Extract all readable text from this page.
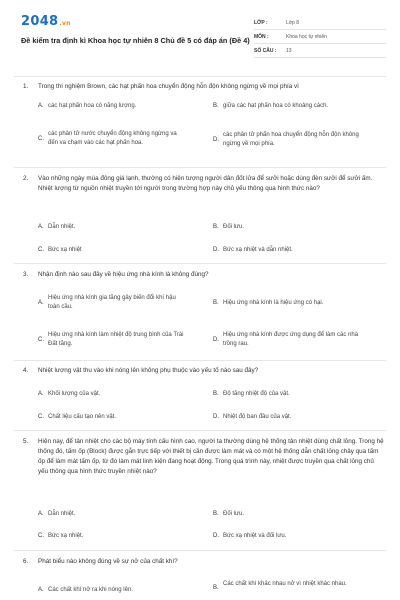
2048.vn
Đề kiểm tra định kì Khoa học tự nhiên 8 Chủ đề 5 có đáp án (Đề 4)
LỚP :	Lớp 8
MÔN :	Khoa học tự nhiên
SỐ CÂU :	13
1.	Trong thí nghiệm Brown, các hạt phấn hoa chuyển động hỗn độn không ngừng về mọi phía vì
A. các hạt phấn hoa có năng lượng.	B. giữa các hạt phấn hoa có khoảng cách.
C.
các phân tử nước chuyển động không ngừng va đến va chạm vào các hạt phấn hoa.
D.
các phân tử phấn hoa chuyển động hỗn độn không ngừng về mọi phía.
2.	Vào những ngày mùa đông giá lạnh, thường có hiện tượng người dân đốt lửa để sưởi hoặc dùng đèn sưởi để sưởi ấm. Nhiệt lượng từ nguồn nhiệt truyền tới người trong trường hợp này chủ yếu thông qua hình thức nào?
A. Dẫn nhiệt.	B. Đối lưu.
C. Bức xạ nhiệt	D. Bức xạ nhiệt và dẫn nhiệt.
3.	Nhận định nào sau đây về hiệu ứng nhà kính là không đúng?
A.
Hiệu ứng nhà kính gia tăng gây biến đổi khí hậu toàn cầu.
B. Hiệu ứng nhà kính là hiệu ứng có hại.
C.
Hiệu ứng nhà kính làm nhiệt độ trung bình của Trái Đất tăng.
D.
Hiệu ứng nhà kính được ứng dụng để làm các nhà trồng rau.
4.	Nhiệt lượng vật thu vào khi nóng lên không phụ thuộc vào yếu tố nào sau đây?
A. Khối lượng của vật.	B. Độ tăng nhiệt độ của vật.
C. Chất liệu cấu tạo nên vật.	D. Nhiệt độ ban đầu của vật.
5.	Hiện nay, để tản nhiệt cho các bộ máy tính cấu hình cao, người ta thường dùng hệ thống tản nhiệt dùng chất lỏng. Trong hệ thống đó, tấm ốp (Block) được gắn trực tiếp với thiết bị cần được làm mát và có một hệ thống dẫn chất lỏng chảy qua tấm ốp để làm mát tấm ốp, từ đó làm mát linh kiện đang hoạt động. Trong quá trình này, nhiệt được truyền qua chất lỏng chủ yếu thông qua hình thức truyền nhiệt nào?
A. Dẫn nhiệt.	B. Đối lưu.
C. Bức xạ nhiệt.	D. Bức xạ nhiệt và đối lưu.
6.	Phát biểu nào không đúng về sự nở của chất khí?
A. Các chất khí nở ra khi nóng lên.	B.
Các chất khí khác nhau nở vì nhiệt khác nhau.
